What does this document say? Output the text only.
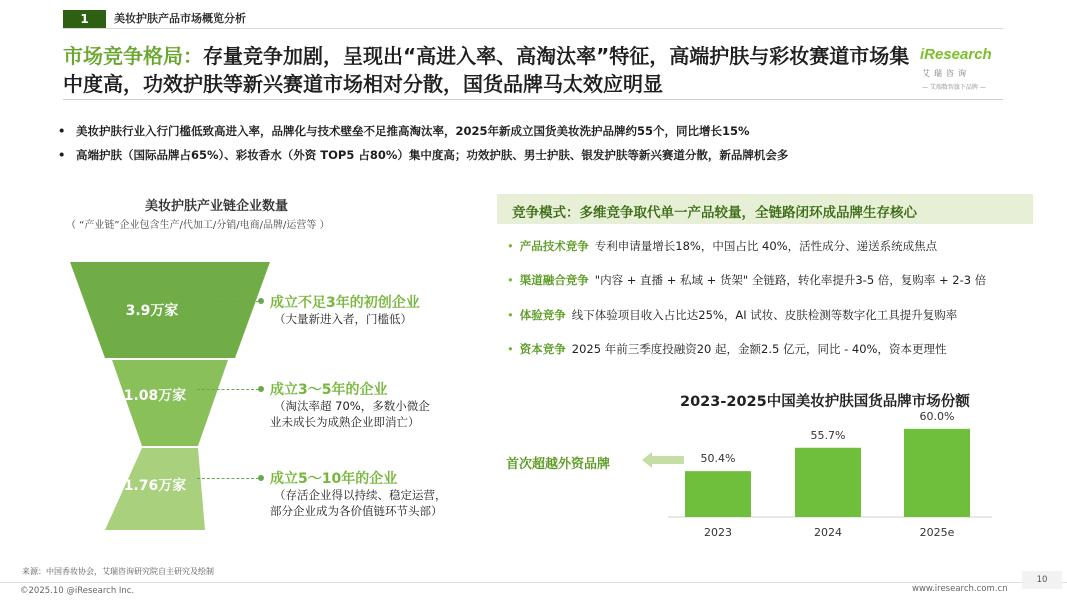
1	美妆护肤产品市场概览分析
市场竞争格局：存量竞争加剧，呈现出“高进入率、高淘汰率”特征，高端护肤与彩妆赛道市场集中度高，功效护肤等新兴赛道市场相对分散，国货品牌马太效应明显
iResearch
艾瑞咨询
— 艾瑞数智旗下品牌 —
• 美妆护肤行业入行门槛低致高进入率，品牌化与技术壁垒不足推高淘汰率，2025年新成立国货美妆洗护品牌约55个，同比增长15%
• 高端护肤（国际品牌占65%）、彩妆香水（外资 TOP5 占80%）集中度高；功效护肤、男士护肤、银发护肤等新兴赛道分散，新品牌机会多
美妆护肤产业链企业数量
（ “产业链”企业包含生产/代加工/分销/电商/品牌/运营等 ）
3.9万家
1.08万家
1.76万家
成立不足3年的初创企业
（大量新进入者，门槛低）
成立3～5年的企业
（淘汰率超 70%，多数小微企
业未成长为成熟企业即消亡）
成立5～10年的企业
（存活企业得以持续、稳定运营，
部分企业成为各价值链环节头部）
竞争模式：多维竞争取代单一产品较量，全链路闭环成品牌生存核心
• 产品技术竞争 专利申请量增长18%，中国占比 40%，活性成分、递送系统成焦点
• 渠道融合竞争 "内容 + 直播 + 私域 + 货架" 全链路，转化率提升3-5 倍，复购率 + 2-3 倍
• 体验竞争 线下体验项目收入占比达25%，AI 试妆、皮肤检测等数字化工具提升复购率
• 资本竞争 2025 年前三季度投融资20 起，金额2.5 亿元，同比 - 40%，资本更理性
2023-2025中国美妆护肤国货品牌市场份额
50.4%
2023
55.7%
2024
60.0%
2025e
首次超越外资品牌
来源：中国香妆协会，艾瑞咨询研究院自主研究及绘制
©2025.10 @iResearch Inc.	www.iresearch.com.cn
10
